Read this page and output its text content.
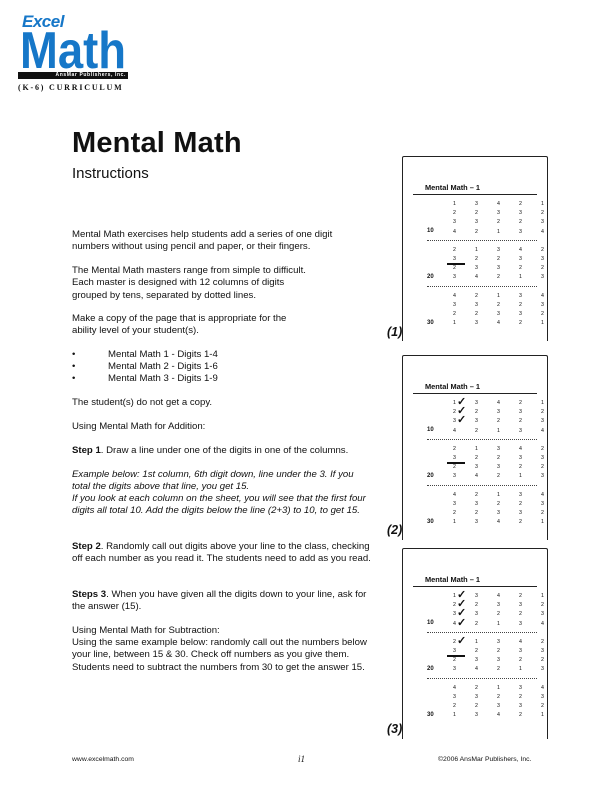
Excel
Math
AnsMar Publishers, Inc.
(K-6) CURRICULUM
Mental Math
Instructions
Mental Math exercises help students add a series of one digit numbers without using pencil and paper, or their fingers.
The Mental Math masters range from simple to difficult. Each master is designed with 12 columns of digits grouped by tens, separated by dotted lines.
Make a copy of the page that is appropriate for the ability level of your student(s).
•	Mental Math 1 - Digits 1-4
•	Mental Math 2 - Digits 1-6
•	Mental Math 3 - Digits 1-9
The student(s) do not get a copy.
Using Mental Math for Addition:
Step 1. Draw a line under one of the digits in one of the columns.
Example below: 1st column, 6th digit down, line under the 3. If you total the digits above that line, you get 15.
If you look at each column on the sheet, you will see that the first four digits all total 10. Add the digits below the line (2+3) to 10, to get 15.
Step 2. Randomly call out digits above your line to the class, checking off each number as you read it. The students need to add as you read.
Steps 3. When you have given all the digits down to your line, ask for the answer (15).
Using Mental Math for Subtraction:
Using the same example below: randomly call out the numbers below your line, between 15 & 30. Check off numbers as you give them. Students need to subtract the numbers from 30 to get the answer 15.
Mental Math – 1
1	3	4	2	1
2	2	3	3	2
3	3	2	2	3
10	4	2	1	3	4
2	1	3	4	2
3	2	2	3	3
2	3	3	2	2
20	3	4	2	1	3
4	2	1	3	4
3	3	2	2	3
2	2	3	3	2
30	1	3	4	2	1
Mental Math – 1
1	3	4	2	1
✓
2	2	3	3	2
✓
3	3	2	2	3
✓
10	4	2	1	3	4
2	1	3	4	2
3	2	2	3	3
2	3	3	2	2
20	3	4	2	1	3
4	2	1	3	4
3	3	2	2	3
2	2	3	3	2
30	1	3	4	2	1
Mental Math – 1
1	3	4	2	1
✓
2	2	3	3	2
✓
3	3	2	2	3
✓
10	4	2	1	3	4
✓
2	1	3	4	2
✓
3	2	2	3	3
2	3	3	2	2
20	3	4	2	1	3
4	2	1	3	4
3	3	2	2	3
2	2	3	3	2
30	1	3	4	2	1
www.excelmath.com	i1	©2006 AnsMar Publishers, Inc.
(1)
(2)
(3)
